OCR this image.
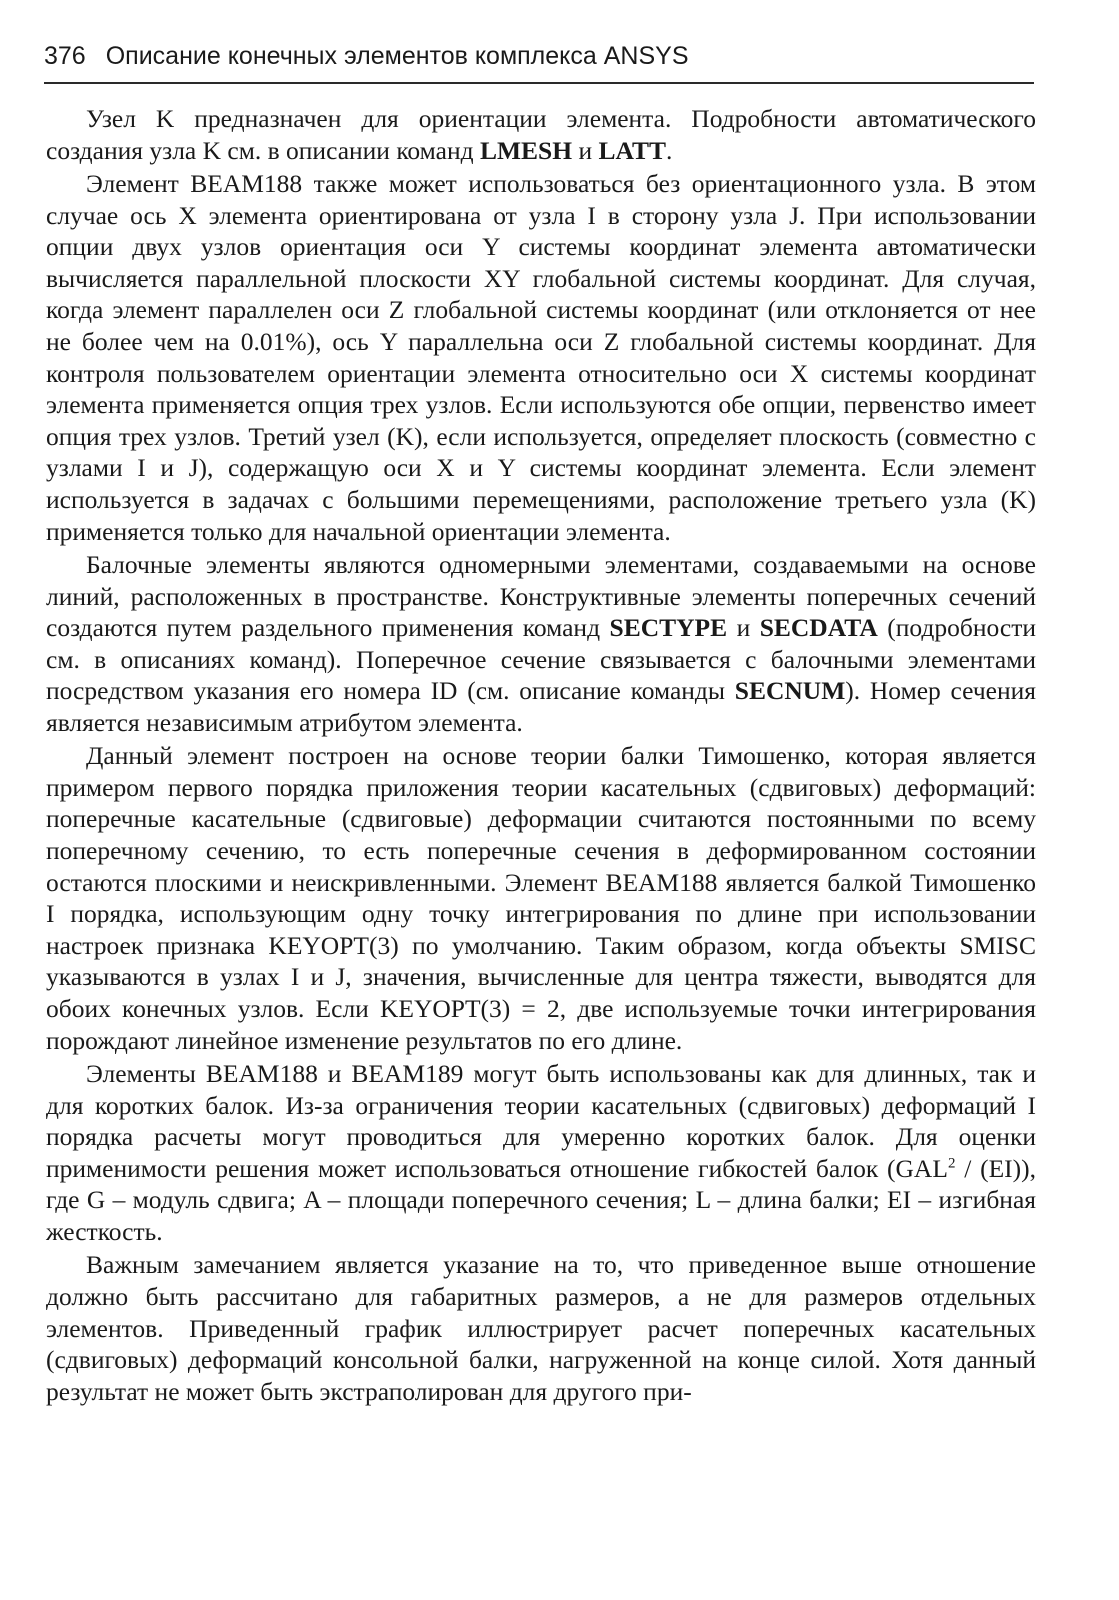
376 Описание конечных элементов комплекса ANSYS

Узел K предназначен для ориентации элемента. Подробности автоматического создания узла K см. в описании команд LMESH и LATT.

Элемент BEAM188 также может использоваться без ориентационного узла. В этом случае ось X элемента ориентирована от узла I в сторону узла J. При использовании опции двух узлов ориентация оси Y системы координат элемента автоматически вычисляется параллельной плоскости XY глобальной системы координат. Для случая, когда элемент параллелен оси Z глобальной системы координат (или отклоняется от нее не более чем на 0.01%), ось Y параллельна оси Z глобальной системы координат. Для контроля пользователем ориентации элемента относительно оси X системы координат элемента применяется опция трех узлов. Если используются обе опции, первенство имеет опция трех узлов. Третий узел (K), если используется, определяет плоскость (совместно с узлами I и J), содержащую оси X и Y системы координат элемента. Если элемент используется в задачах с большими перемещениями, расположение третьего узла (K) применяется только для начальной ориентации элемента.

Балочные элементы являются одномерными элементами, создаваемыми на основе линий, расположенных в пространстве. Конструктивные элементы поперечных сечений создаются путем раздельного применения команд SECTYPE и SECDATA (подробности см. в описаниях команд). Поперечное сечение связывается с балочными элементами посредством указания его номера ID (см. описание команды SECNUM). Номер сечения является независимым атрибутом элемента.

Данный элемент построен на основе теории балки Тимошенко, которая является примером первого порядка приложения теории касательных (сдвиговых) деформаций: поперечные касательные (сдвиговые) деформации считаются постоянными по всему поперечному сечению, то есть поперечные сечения в деформированном состоянии остаются плоскими и неискривленными. Элемент BEAM188 является балкой Тимошенко I порядка, использующим одну точку интегрирования по длине при использовании настроек признака KEYOPT(3) по умолчанию. Таким образом, когда объекты SMISC указываются в узлах I и J, значения, вычисленные для центра тяжести, выводятся для обоих конечных узлов. Если KEYOPT(3) = 2, две используемые точки интегрирования порождают линейное изменение результатов по его длине.

Элементы BEAM188 и BEAM189 могут быть использованы как для длинных, так и для коротких балок. Из-за ограничения теории касательных (сдвиговых) деформаций I порядка расчеты могут проводиться для умеренно коротких балок. Для оценки применимости решения может использоваться отношение гибкостей балок (GAL$^2$ / (EI)), где G – модуль сдвига; A – площади поперечного сечения; L – длина балки; EI – изгибная жесткость.

Важным замечанием является указание на то, что приведенное выше отношение должно быть рассчитано для габаритных размеров, а не для размеров отдельных элементов. Приведенный график иллюстрирует расчет поперечных касательных (сдвиговых) деформаций консольной балки, нагруженной на конце силой. Хотя данный результат не может быть экстраполирован для другого при-
